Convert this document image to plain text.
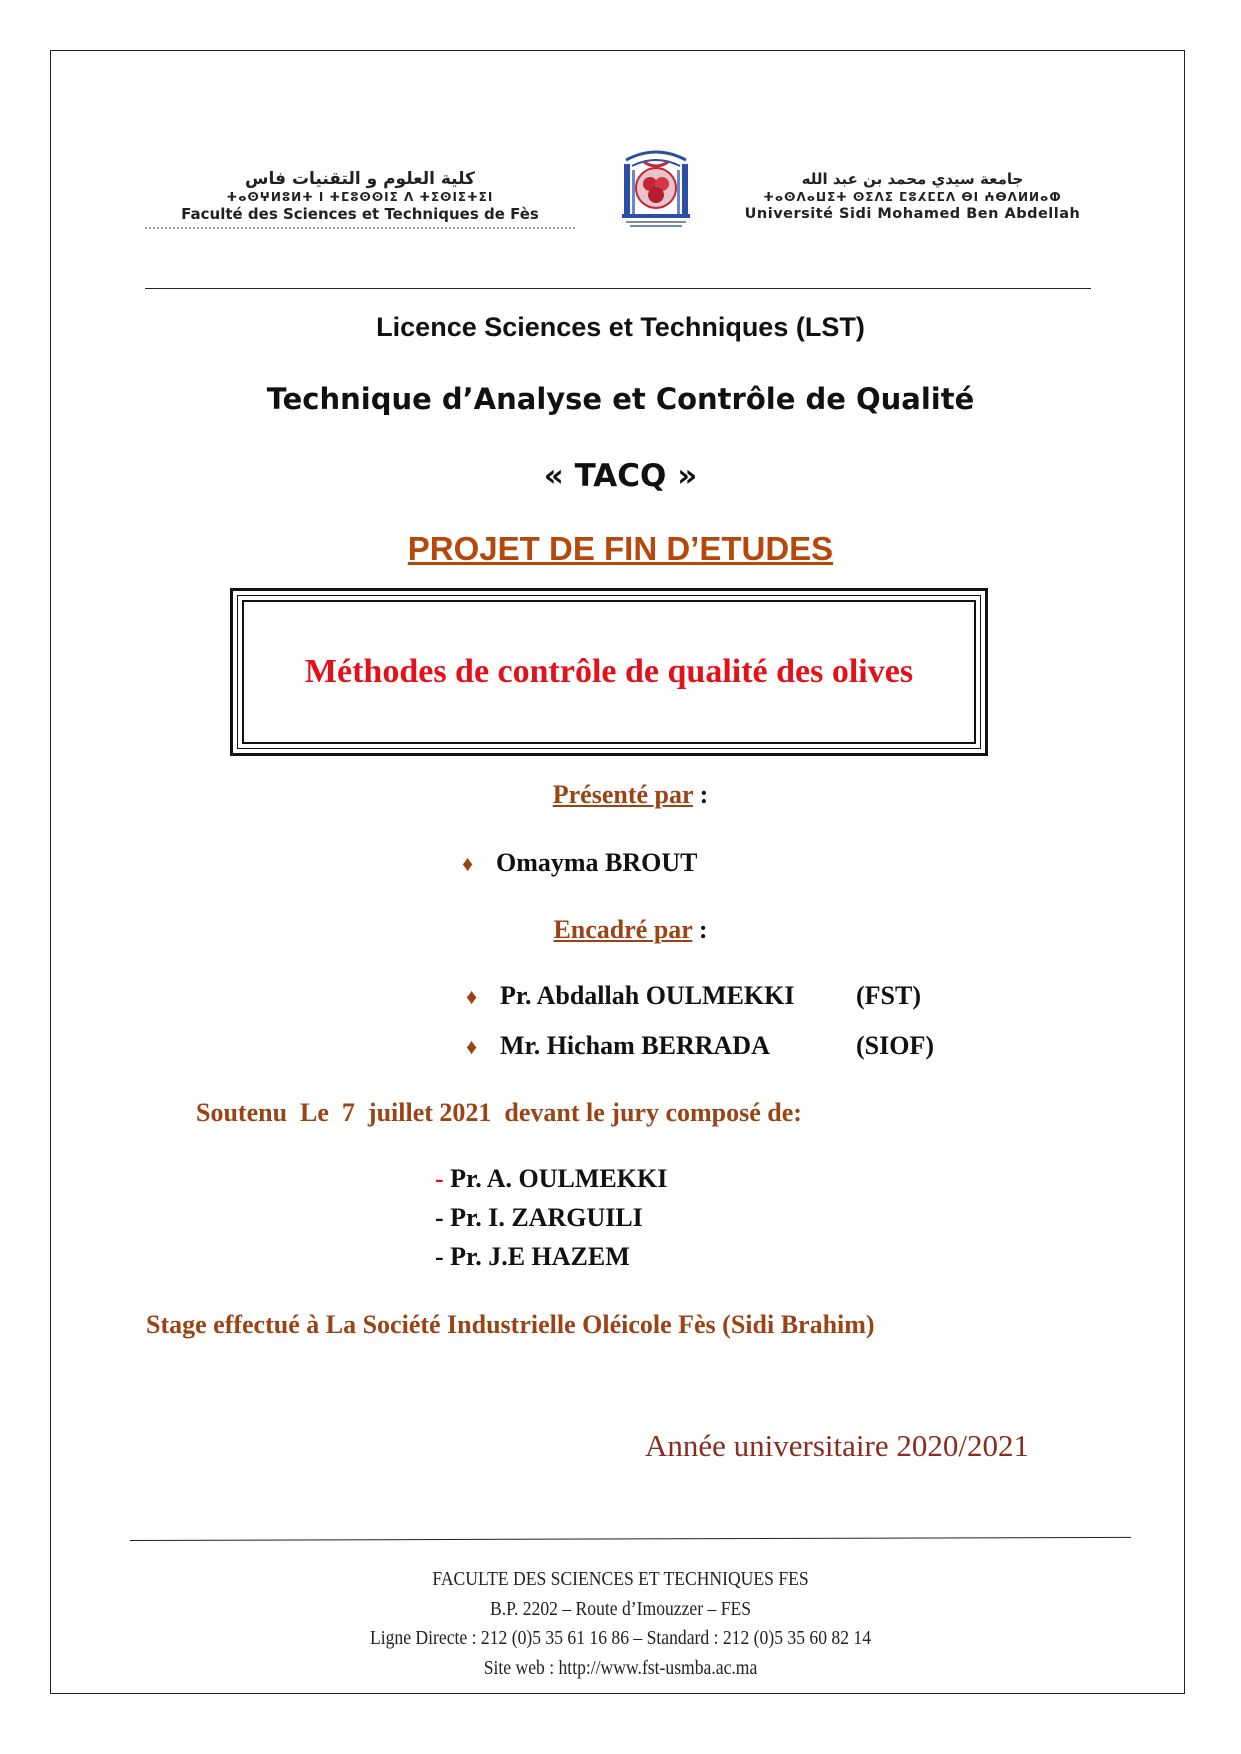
كلية العلوم و التقنيات فاس
ⵜⴰⵙⵖⵍⵓⵍⵜ ⵏ ⵜⵎⵓⵙⵙⵏⵉ ⴷ ⵜⵉⵙⵏⵉⵜⵉⵏ
Faculté des Sciences et Techniques de Fès
جامعة سيدي محمد بن عبد الله
ⵜⴰⵙⴷⴰⵡⵉⵜ ⵙⵉⴷⵉ ⵎⵓⵃⵎⵎⴷ ⴱⵏ ⵄⴱⴷⵍⵍⴰⵀ
Université Sidi Mohamed Ben Abdellah
Licence Sciences et Techniques (LST)
Technique d’Analyse et Contrôle de Qualité
« TACQ »
PROJET DE FIN D’ETUDES
Méthodes de contrôle de qualité des olives
Présenté par :
♦ Omayma BROUT
Encadré par :
♦ Pr. Abdallah OULMEKKI (FST)
♦ Mr. Hicham BERRADA	(SIOF)
Soutenu  Le  7  juillet 2021  devant le jury composé de:
- Pr. A. OULMEKKI
- Pr. I. ZARGUILI
- Pr. J.E HAZEM
Stage effectué à La Société Industrielle Oléicole Fès (Sidi Brahim)
Année universitaire 2020/2021
FACULTE DES SCIENCES ET TECHNIQUES FES
B.P. 2202 – Route d’Imouzzer – FES
Ligne Directe : 212 (0)5 35 61 16 86 – Standard : 212 (0)5 35 60 82 14
Site web : http://www.fst-usmba.ac.ma
